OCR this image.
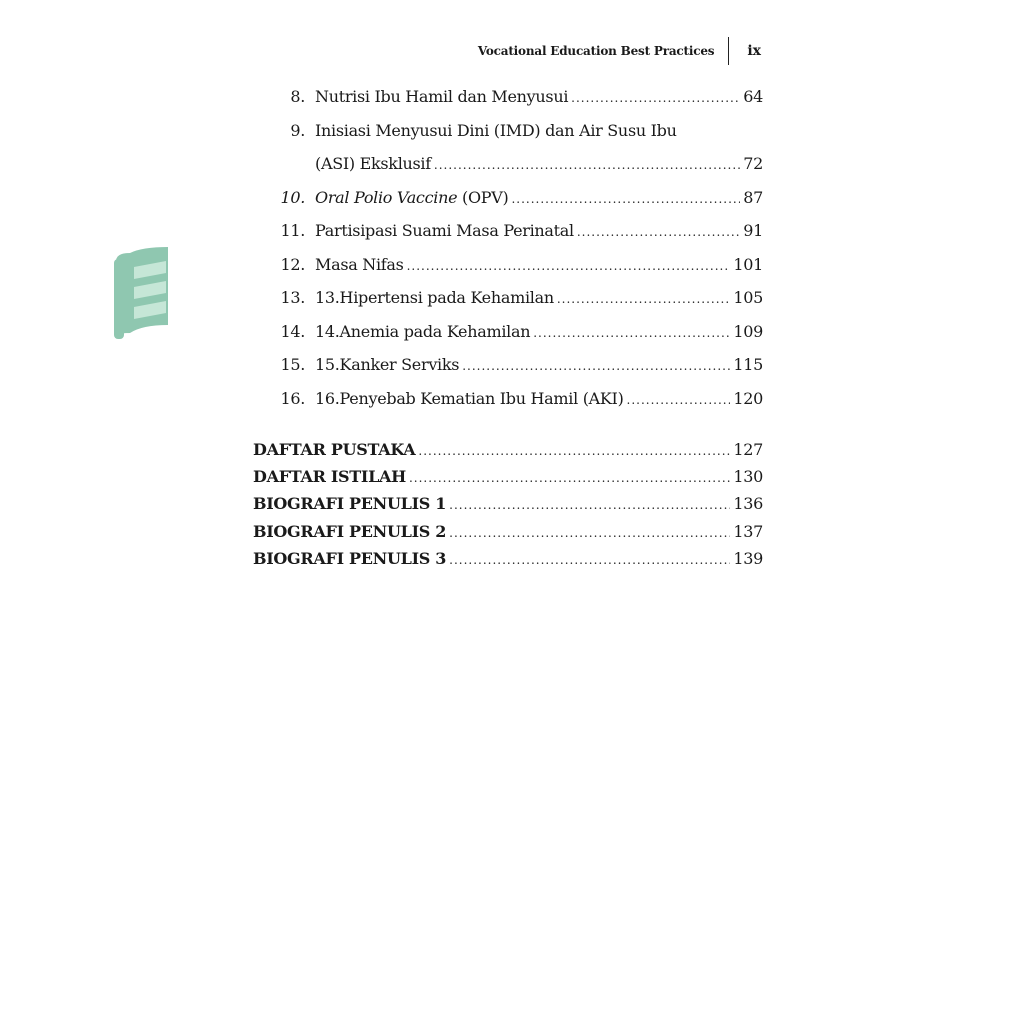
Vocational Education Best Practices ix
8. Nutrisi Ibu Hamil dan Menyusui .....	64
9. Inisiasi Menyusui Dini (IMD) dan Air Susu Ibu
(ASI) Eksklusif .....	72
10. Oral Polio Vaccine (OPV) .....	87
11. Partisipasi Suami Masa Perinatal .....	91
12. Masa Nifas .....	101
13. 13.Hipertensi pada Kehamilan .....	105
14. 14.Anemia pada Kehamilan .....	109
15. 15.Kanker Serviks .....	115
16. 16.Penyebab Kematian Ibu Hamil (AKI) .....	120
DAFTAR PUSTAKA .....	127
DAFTAR ISTILAH .....	130
BIOGRAFI PENULIS 1 .....	136
BIOGRAFI PENULIS 2 .....	137
BIOGRAFI PENULIS 3 .....	139
